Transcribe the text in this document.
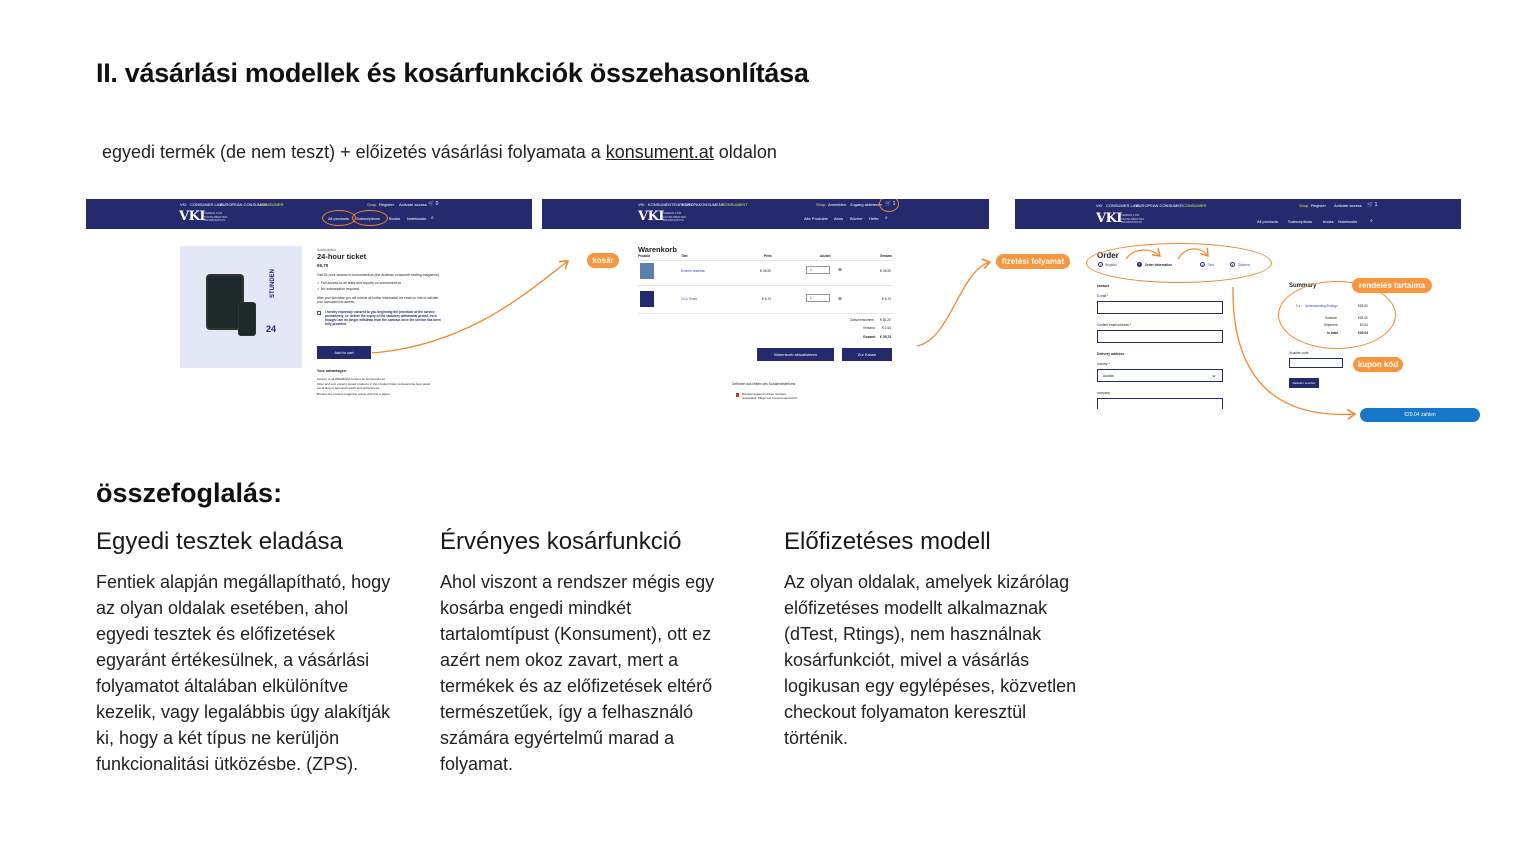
II. vásárlási modellek és kosárfunkciók összehasonlítása
egyedi termék (de nem teszt) + előizetés vásárlási folyamata a konsument.at oldalon
VKI CONSUMER LAW
EUROPEAN CONSUMER
CONSUMER	Shop Register Activate access 🛒 0
VKI VEREIN FÜR KONSUMENTEN INFORMATION	All products Subscriptions Books Notebooks ⌕
STUNDEN
24
Subscription
24-hour ticket
€6,70
Get 24-hour access to konsument.at (the Austrian consumer testing magazine).
✓ Full access to all tests and reports on konsument.at
✓ No subscription required.
After your purchase you will receive all further information via email on how to activate your konsument.at access.
I hereby expressly consent to you beginning the provision of the service prematurely, i.e. before the expiry of the statutory withdrawal period, even though I am no longer withdraw from the contract once the service has been fully provided.
Add to cart
Your advantages:
Access to all PREMIUM content on konsument.at
Filter and sort experts tested products in the product finder to determine best tailed according to personal needs and preferences.
Browse the printed magazine online with this e-paper.
VKI KONSUMENTENRECHT
EUROPAKONSUMENT
KONSUMENT	Shop Anmelden Zugang aktivieren 🛒 1
VKI VEREIN FÜR KONSUMENTEN INFORMATION	Alle Produkte Abos Bücher Hefte ⌕
Warenkorb
Produkt	Titel	Preis	Anzahl	Gesamt
Einzeln ansehen	€ 28,50	1	⊗	€ 28,50
24-h Ticket	€ 6,70	1	⊗	€ 6,70
Zwischensumme € 35,20
Versand € 2,54
Gesamt € 35,74
Warenkorb aktualisieren	Zur Kasse
Gefördert aus Mitteln des Sozialministeriums
Bundesministerium Arbeit, Soziales, Gesundheit, Pflege und Konsumentenschutz
VKI CONSUMER LAW
EUROPEAN CONSUMER CONSUMER	Shop Register Activate access 🛒 1
VKI VEREIN FÜR KONSUMENTEN INFORMATION	All products	Subscriptions	books Notebooks	⌕
Order
1	Register	2	Order information	3	Test	4	Diploma
contact
E-mail *
Confirm email address *
Delivery address
country *
Austria	⌄
company
Summary
1 x Understanding findings	€28.50
Subtotal	€28.50
Shipment	€0.54
In total	€29.04
Voucher code
Redeem voucher
€29.04 zahlen
kosár	fizetési folyamat
rendelés tartalma
kupon kód
összefoglalás:
Egyedi tesztek eladása

Fentiek alapján megállapítható, hogy az olyan oldalak esetében, ahol egyedi tesztek és előfizetések egyaránt értékesülnek, a vásárlási folyamatot általában elkülönítve kezelik, vagy legalábbis úgy alakítják ki, hogy a két típus ne kerüljön funkcionalitási ütközésbe. (ZPS).

Érvényes kosárfunkció

Ahol viszont a rendszer mégis egy kosárba engedi mindkét tartalomtípust (Konsument), ott ez azért nem okoz zavart, mert a termékek és az előfizetések eltérő természetűek, így a felhasználó számára egyértelmű marad a folyamat.

Előfizetéses modell

Az olyan oldalak, amelyek kizárólag előfizetéses modellt alkalmaznak (dTest, Rtings), nem használnak kosárfunkciót, mivel a vásárlás logikusan egy egylépéses, közvetlen checkout folyamaton keresztül történik.
